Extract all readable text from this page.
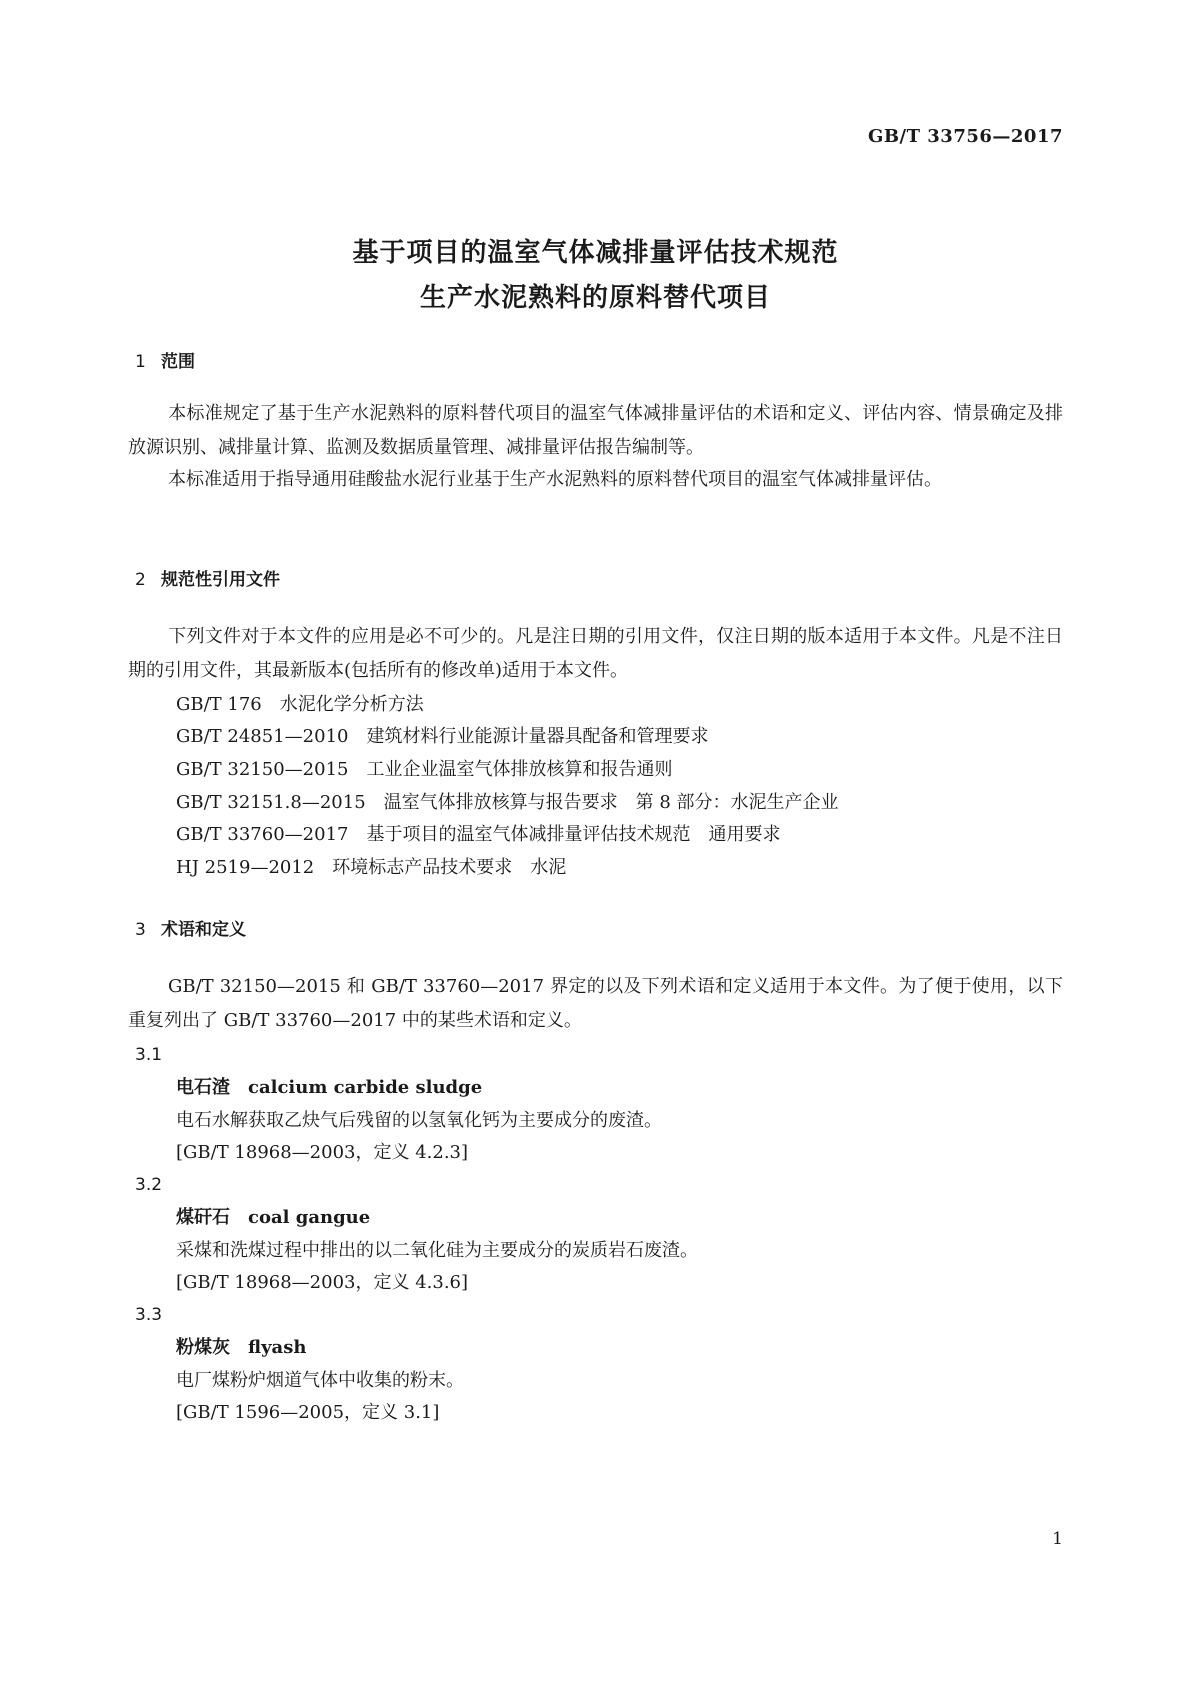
GB/T 33756—2017
基于项目的温室气体减排量评估技术规范
生产水泥熟料的原料替代项目
1 范围
本标准规定了基于生产水泥熟料的原料替代项目的温室气体减排量评估的术语和定义、评估内容、情景确定及排放源识别、减排量计算、监测及数据质量管理、减排量评估报告编制等。
本标准适用于指导通用硅酸盐水泥行业基于生产水泥熟料的原料替代项目的温室气体减排量评估。
2 规范性引用文件
下列文件对于本文件的应用是必不可少的。凡是注日期的引用文件，仅注日期的版本适用于本文件。凡是不注日期的引用文件，其最新版本(包括所有的修改单)适用于本文件。
GB/T 176 水泥化学分析方法
GB/T 24851—2010 建筑材料行业能源计量器具配备和管理要求
GB/T 32150—2015 工业企业温室气体排放核算和报告通则
GB/T 32151.8—2015 温室气体排放核算与报告要求　第 8 部分：水泥生产企业
GB/T 33760—2017 基于项目的温室气体减排量评估技术规范　通用要求
HJ 2519—2012 环境标志产品技术要求　水泥
3 术语和定义
GB/T 32150—2015 和 GB/T 33760—2017 界定的以及下列术语和定义适用于本文件。为了便于使用，以下重复列出了 GB/T 33760—2017 中的某些术语和定义。
3.1
电石渣 calcium carbide sludge
电石水解获取乙炔气后残留的以氢氧化钙为主要成分的废渣。
[GB/T 18968—2003，定义 4.2.3]
3.2
煤矸石 coal gangue
采煤和洗煤过程中排出的以二氧化硅为主要成分的炭质岩石废渣。
[GB/T 18968—2003，定义 4.3.6]
3.3
粉煤灰 flyash
电厂煤粉炉烟道气体中收集的粉末。
[GB/T 1596—2005，定义 3.1]
1
